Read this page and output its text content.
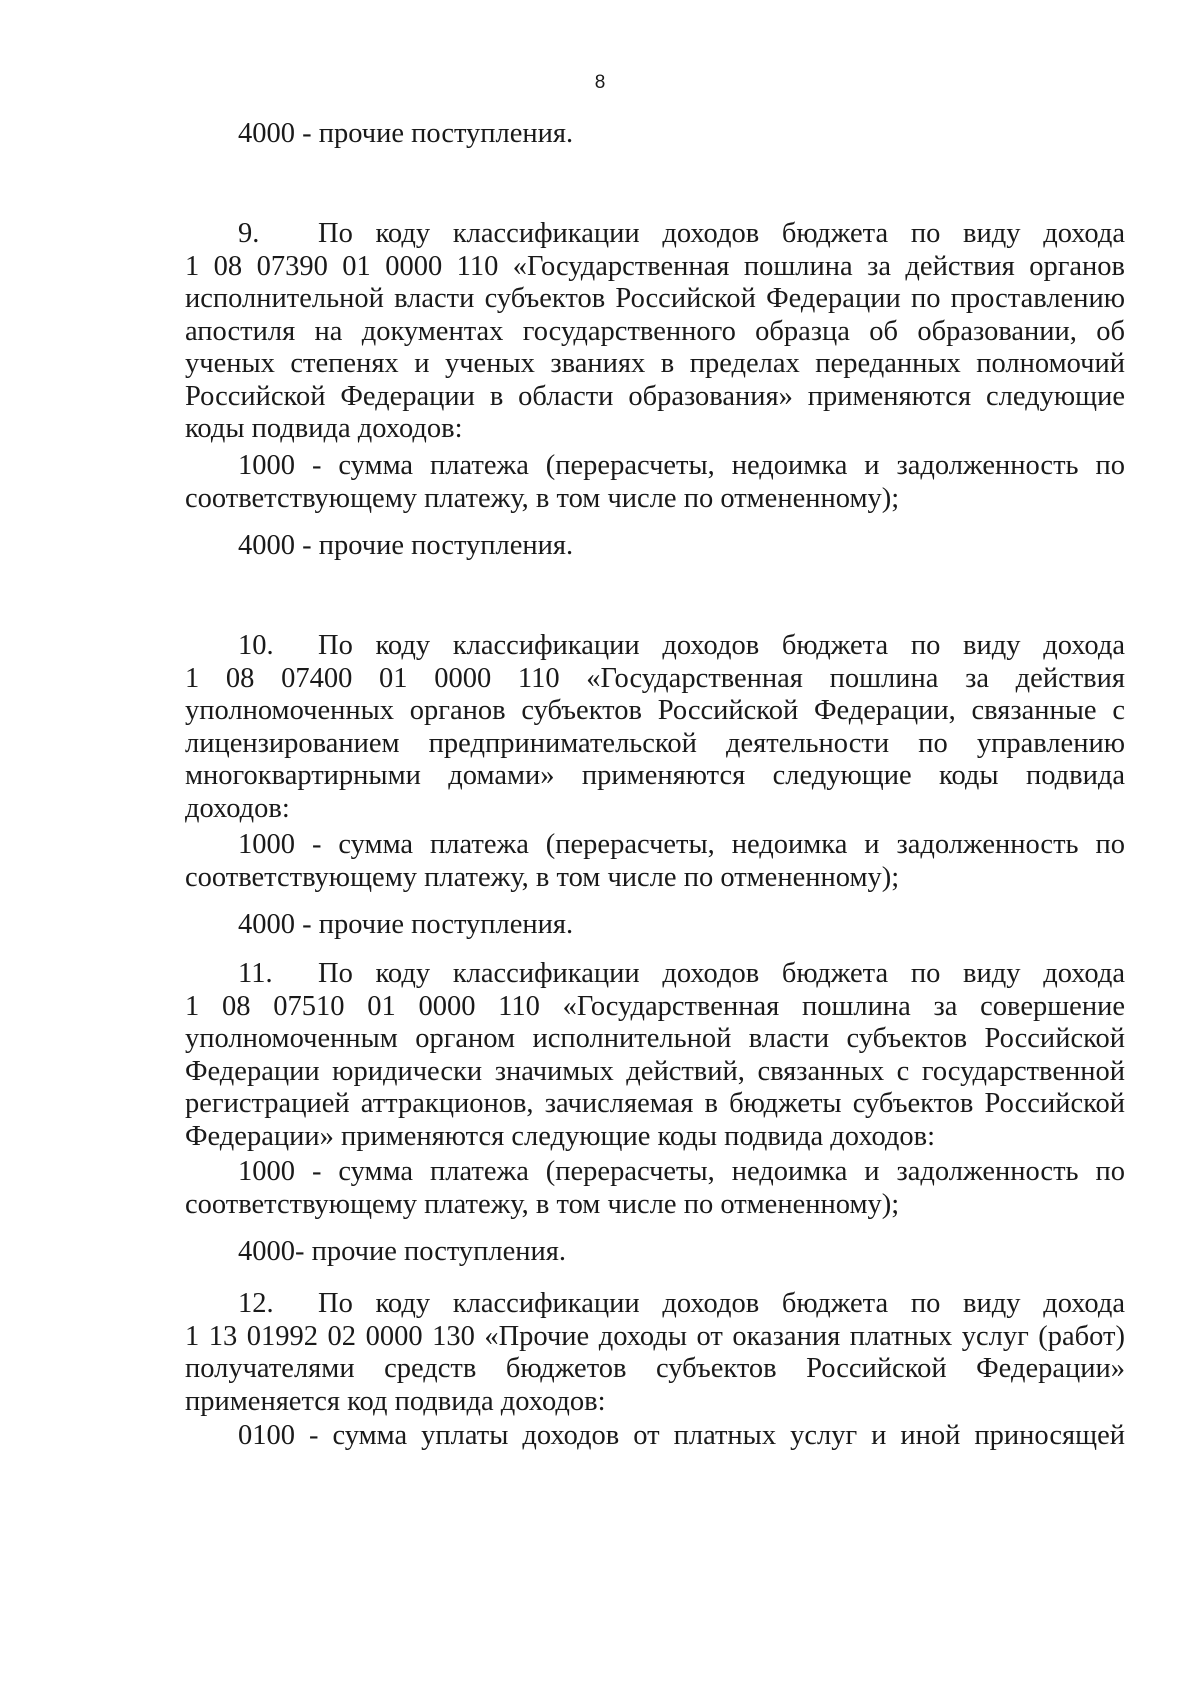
8
4000 - прочие поступления.
9. По коду классификации доходов бюджета по виду дохода
1 08 07390 01 0000 110 «Государственная пошлина за действия органов
исполнительной власти субъектов Российской Федерации по проставлению
апостиля на документах государственного образца об образовании, об
ученых степенях и ученых званиях в пределах переданных полномочий
Российской Федерации в области образования» применяются следующие
коды подвида доходов:
1000 - сумма платежа (перерасчеты, недоимка и задолженность по
соответствующему платежу, в том числе по отмененному);
4000 - прочие поступления.
10. По коду классификации доходов бюджета по виду дохода
1 08 07400 01 0000 110 «Государственная пошлина за действия
уполномоченных органов субъектов Российской Федерации, связанные с
лицензированием предпринимательской деятельности по управлению
многоквартирными домами» применяются следующие коды подвида
доходов:
1000 - сумма платежа (перерасчеты, недоимка и задолженность по
соответствующему платежу, в том числе по отмененному);
4000 - прочие поступления.
11. По коду классификации доходов бюджета по виду дохода
1 08 07510 01 0000 110 «Государственная пошлина за совершение
уполномоченным органом исполнительной власти субъектов Российской
Федерации юридически значимых действий, связанных с государственной
регистрацией аттракционов, зачисляемая в бюджеты субъектов Российской
Федерации» применяются следующие коды подвида доходов:
1000 - сумма платежа (перерасчеты, недоимка и задолженность по
соответствующему платежу, в том числе по отмененному);
4000- прочие поступления.
12. По коду классификации доходов бюджета по виду дохода
1 13 01992 02 0000 130 «Прочие доходы от оказания платных услуг (работ)
получателями средств бюджетов субъектов Российской Федерации»
применяется код подвида доходов:
0100 - сумма уплаты доходов от платных услуг и иной приносящей
